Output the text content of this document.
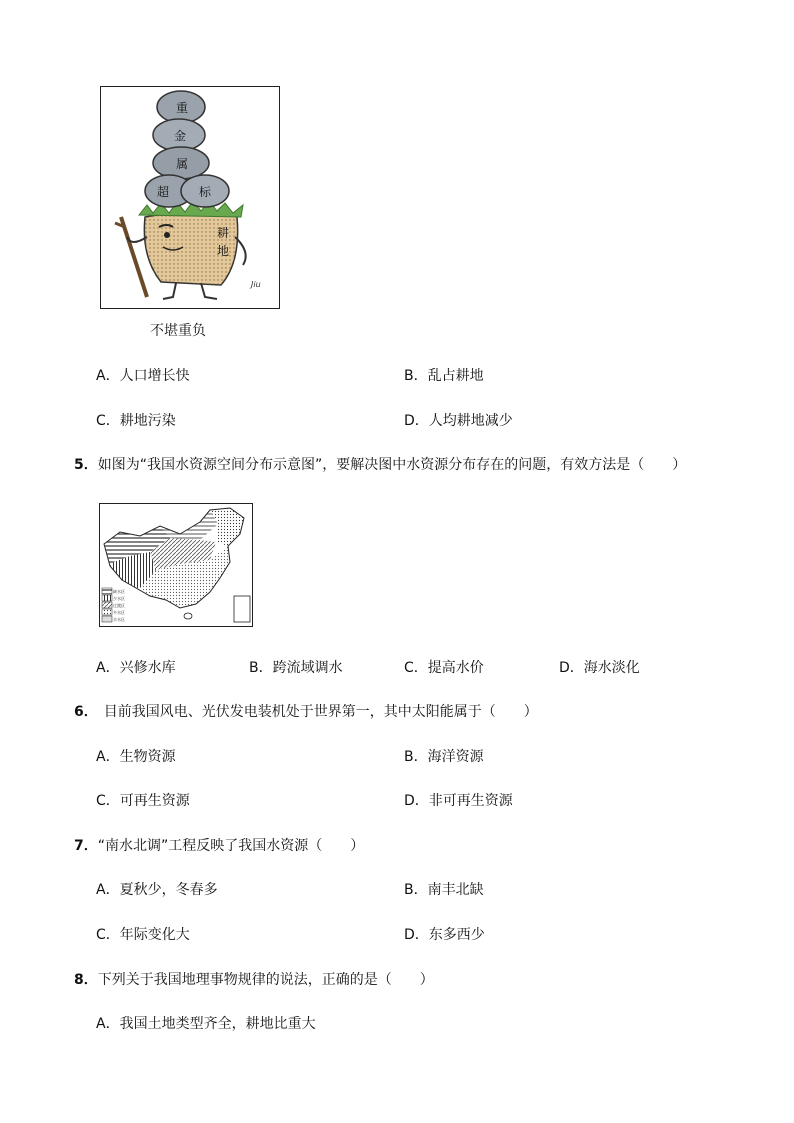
重
金
属
超 标
耕
地
Jiu
不堪重负
A．人口增长快	B．乱占耕地
C．耕地污染	D．人均耕地减少
5．如图为“我国水资源空间分布示意图”，要解决图中水资源分布存在的问题，有效方法是（　　）
缺水区
少水区
过渡区
多水区
丰水区
A．兴修水库	B．跨流域调水	C．提高水价	D．海水淡化
6． 目前我国风电、光伏发电装机处于世界第一，其中太阳能属于（　　）
A．生物资源	B．海洋资源
C．可再生资源	D．非可再生资源
7．“南水北调”工程反映了我国水资源（　　）
A．夏秋少，冬春多	B．南丰北缺
C．年际变化大	D．东多西少
8．下列关于我国地理事物规律的说法，正确的是（　　）
A．我国土地类型齐全，耕地比重大
